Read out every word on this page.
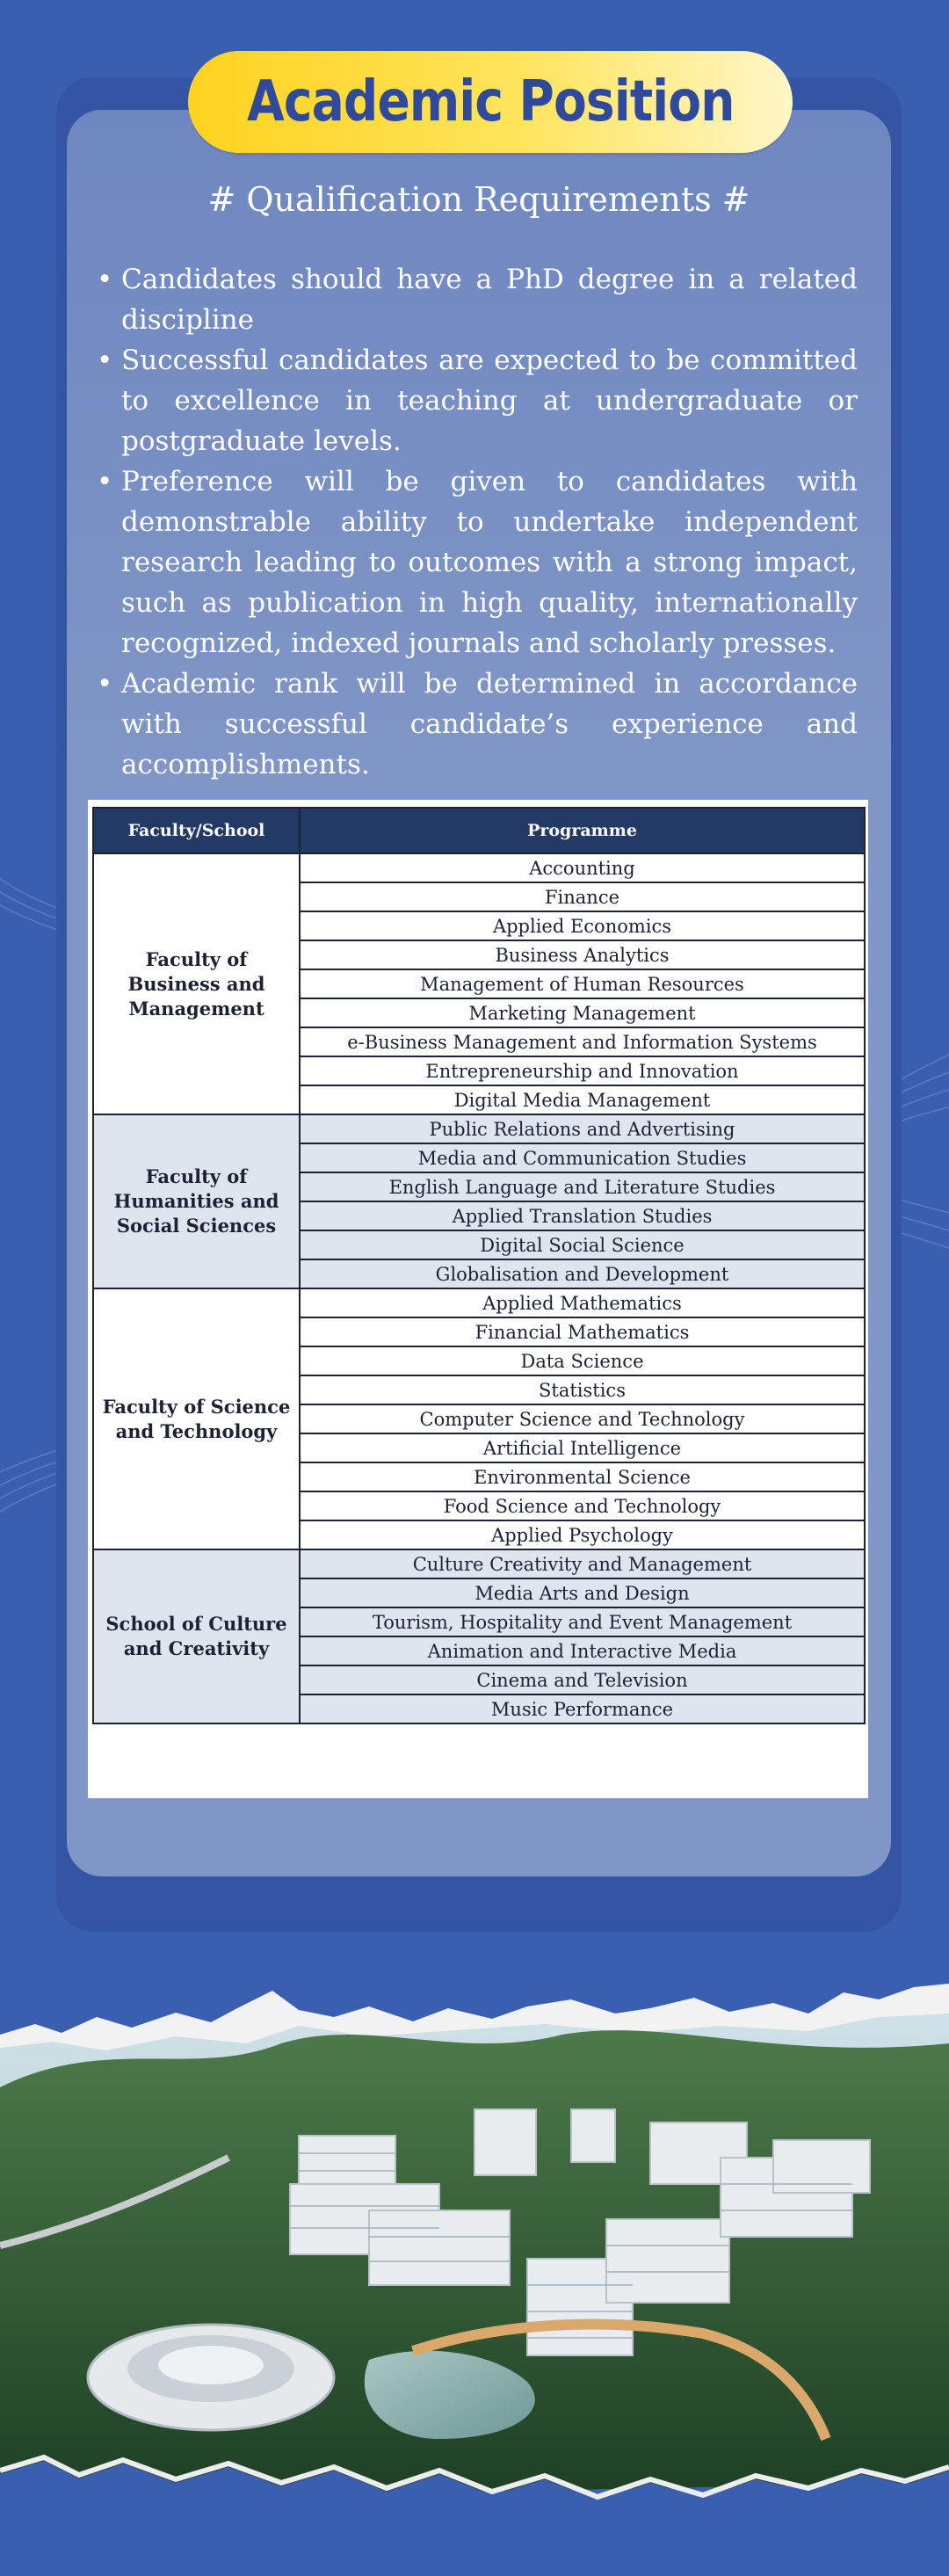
Academic Position
# Qualification Requirements #
• Candidates should have a PhD degree in a related discipline
• Successful candidates are expected to be committed to excellence in teaching at undergraduate or postgraduate levels.
• Preference will be given to candidates with demonstrable ability to undertake independent research leading to outcomes with a strong impact, such as publication in high quality, internationally recognized, indexed journals and scholarly presses.
• Academic rank will be determined in accordance with successful candidate’s experience and accomplishments.
Faculty/School	Programme
Faculty of Business and Management	Accounting
	Finance
	Applied Economics
	Business Analytics
	Management of Human Resources
	Marketing Management
	e-Business Management and Information Systems
	Entrepreneurship and Innovation
	Digital Media Management
Faculty of Humanities and Social Sciences	Public Relations and Advertising
	Media and Communication Studies
	English Language and Literature Studies
	Applied Translation Studies
	Digital Social Science
	Globalisation and Development
Faculty of Science and Technology	Applied Mathematics
	Financial Mathematics
	Data Science
	Statistics
	Computer Science and Technology
	Artificial Intelligence
	Environmental Science
	Food Science and Technology
	Applied Psychology
School of Culture and Creativity	Culture Creativity and Management
	Media Arts and Design
	Tourism, Hospitality and Event Management
	Animation and Interactive Media
	Cinema and Television
	Music Performance
